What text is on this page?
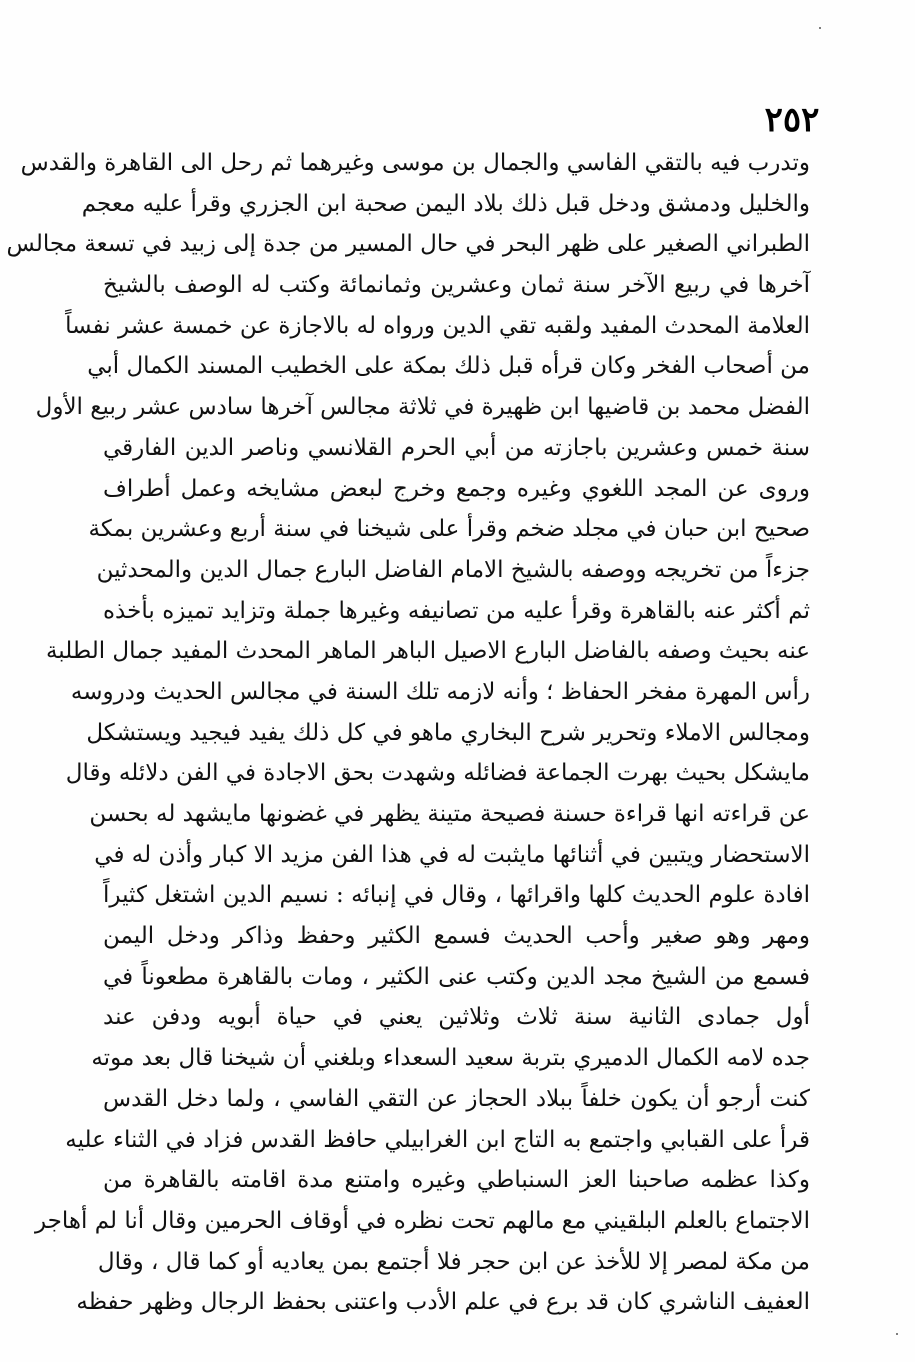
٢٥٢
وتدرب فيه بالتقي الفاسي والجمال بن موسى وغيرهما ثم رحل الى القاهرة والقدس
والخليل ودمشق ودخل قبل ذلك بلاد اليمن صحبة ابن الجزري وقرأ عليه معجم
الطبراني الصغير على ظهر البحر في حال المسير من جدة إلى زبيد في تسعة مجالس
آخرها في ربيع الآخر سنة ثمان وعشرين وثمانمائة وكتب له الوصف بالشيخ
العلامة المحدث المفيد ولقبه تقي الدين ورواه له بالاجازة عن خمسة عشر نفساً
من أصحاب الفخر وكان قرأه قبل ذلك بمكة على الخطيب المسند الكمال أبي
الفضل محمد بن قاضيها ابن ظهيرة في ثلاثة مجالس آخرها سادس عشر ربيع الأول
سنة خمس وعشرين باجازته من أبي الحرم القلانسي وناصر الدين الفارقي
وروى عن المجد اللغوي وغيره وجمع وخرج لبعض مشايخه وعمل أطراف
صحيح ابن حبان في مجلد ضخم وقرأ على شيخنا في سنة أربع وعشرين بمكة
جزءاً من تخريجه ووصفه بالشيخ الامام الفاضل البارع جمال الدين والمحدثين
ثم أكثر عنه بالقاهرة وقرأ عليه من تصانيفه وغيرها جملة وتزايد تميزه بأخذه
عنه بحيث وصفه بالفاضل البارع الاصيل الباهر الماهر المحدث المفيد جمال الطلبة
رأس المهرة مفخر الحفاظ ؛ وأنه لازمه تلك السنة في مجالس الحديث ودروسه
ومجالس الاملاء وتحرير شرح البخاري ماهو في كل ذلك يفيد فيجيد ويستشكل
مايشكل بحيث بهرت الجماعة فضائله وشهدت بحق الاجادة في الفن دلائله وقال
عن قراءته انها قراءة حسنة فصيحة متينة يظهر في غضونها مايشهد له بحسن
الاستحضار ويتبين في أثنائها مايثبت له في هذا الفن مزيد الا كبار وأذن له في
افادة علوم الحديث كلها واقرائها ، وقال في إنبائه : نسيم الدين اشتغل كثيراً
ومهر وهو صغير وأحب الحديث فسمع الكثير وحفظ وذاكر ودخل اليمن
فسمع من الشيخ مجد الدين وكتب عنى الكثير ، ومات بالقاهرة مطعوناً في
أول جمادى الثانية سنة ثلاث وثلاثين يعني في حياة أبويه ودفن عند
جده لامه الكمال الدميري بتربة سعيد السعداء وبلغني أن شيخنا قال بعد موته
كنت أرجو أن يكون خلفاً ببلاد الحجاز عن التقي الفاسي ، ولما دخل القدس
قرأ على القبابي واجتمع به التاج ابن الغرابيلي حافظ القدس فزاد في الثناء عليه
وكذا عظمه صاحبنا العز السنباطي وغيره وامتنع مدة اقامته بالقاهرة من
الاجتماع بالعلم البلقيني مع مالهم تحت نظره في أوقاف الحرمين وقال أنا لم أهاجر
من مكة لمصر إلا للأخذ عن ابن حجر فلا أجتمع بمن يعاديه أو كما قال ، وقال
العفيف الناشري كان قد برع في علم الأدب واعتنى بحفظ الرجال وظهر حفظه
